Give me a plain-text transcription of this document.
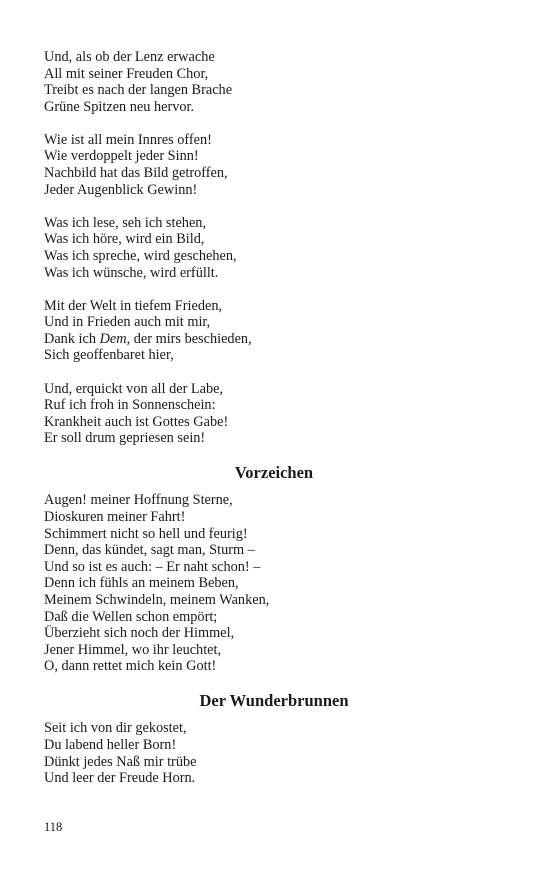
Und, als ob der Lenz erwache
All mit seiner Freuden Chor,
Treibt es nach der langen Brache
Grüne Spitzen neu hervor.
Wie ist all mein Innres offen!
Wie verdoppelt jeder Sinn!
Nachbild hat das Bild getroffen,
Jeder Augenblick Gewinn!
Was ich lese, seh ich stehen,
Was ich höre, wird ein Bild,
Was ich spreche, wird geschehen,
Was ich wünsche, wird erfüllt.
Mit der Welt in tiefem Frieden,
Und in Frieden auch mit mir,
Dank ich Dem, der mirs beschieden,
Sich geoffenbaret hier,
Und, erquickt von all der Labe,
Ruf ich froh in Sonnenschein:
Krankheit auch ist Gottes Gabe!
Er soll drum gepriesen sein!
Vorzeichen
Augen! meiner Hoffnung Sterne,
Dioskuren meiner Fahrt!
Schimmert nicht so hell und feurig!
Denn, das kündet, sagt man, Sturm –
Und so ist es auch: – Er naht schon! –
Denn ich fühls an meinem Beben,
Meinem Schwindeln, meinem Wanken,
Daß die Wellen schon empört;
Überzieht sich noch der Himmel,
Jener Himmel, wo ihr leuchtet,
O, dann rettet mich kein Gott!
Der Wunderbrunnen
Seit ich von dir gekostet,
Du labend heller Born!
Dünkt jedes Naß mir trübe
Und leer der Freude Horn.
118
